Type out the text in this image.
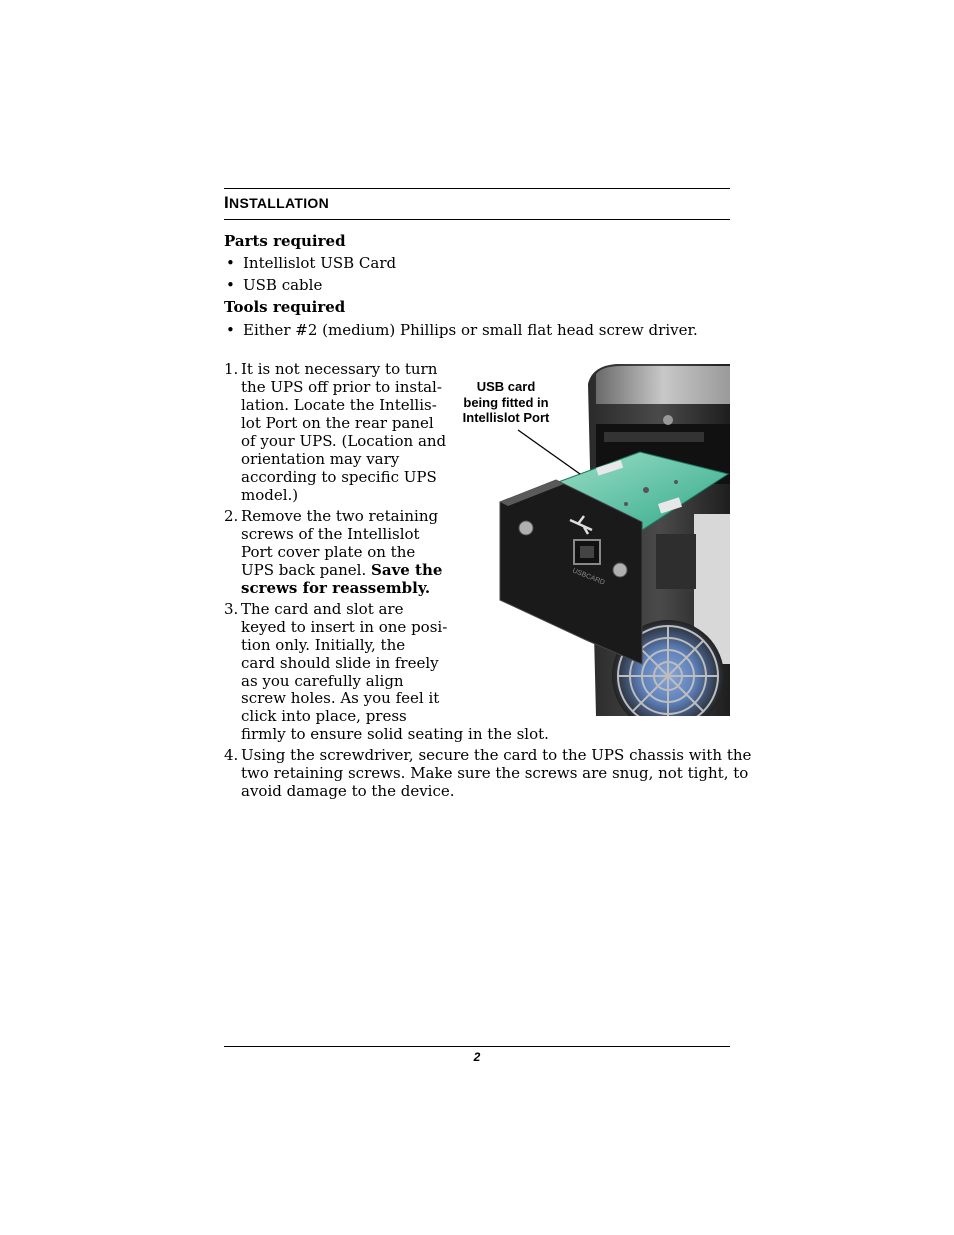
INSTALLATION
Parts required
• Intellislot USB Card
• USB cable
Tools required
• Either #2 (medium) Phillips or small flat head screw driver.
USBCARD
USB card
being fitted in
Intellislot Port
1. It is not necessary to turn
the UPS off prior to instal-
lation. Locate the Intellis-
lot Port on the rear panel
of your UPS. (Location and
orientation may vary
according to specific UPS
model.)
2. Remove the two retaining
screws of the Intellislot
Port cover plate on the
UPS back panel. Save the
screws for reassembly.
3. The card and slot are
keyed to insert in one posi-
tion only. Initially, the
card should slide in freely
as you carefully align
screw holes. As you feel it
click into place, press
firmly to ensure solid seating in the slot.
4. Using the screwdriver, secure the card to the UPS chassis with the
two retaining screws. Make sure the screws are snug, not tight, to
avoid damage to the device.
2
